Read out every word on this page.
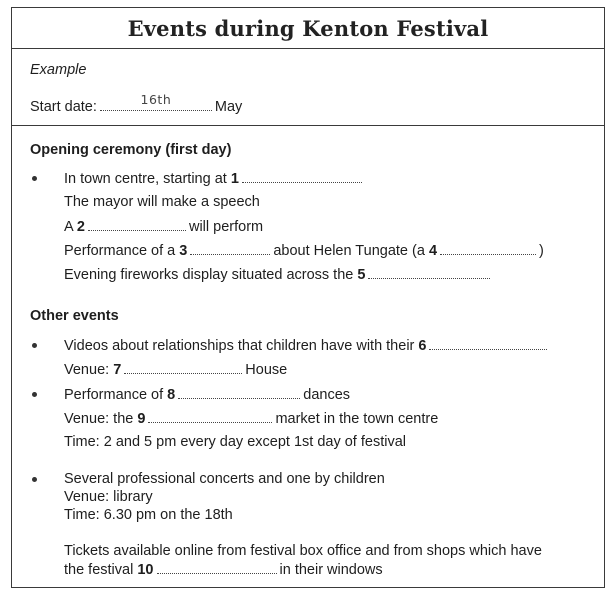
Events during Kenton Festival
Example
Start date:	16th	May
Opening ceremony (first day)
In town centre, starting at 1
The mayor will make a speech
A 2	will perform
Performance of a 3	about Helen Tungate (a 4	)
Evening fireworks display situated across the 5
Other events
Videos about relationships that children have with their 6
Venue: 7	House
Performance of 8	dances
Venue: the 9	market in the town centre
Time: 2 and 5 pm every day except 1st day of festival
Several professional concerts and one by children
Venue: library
Time: 6.30 pm on the 18th
Tickets available online from festival box office and from shops which have
the festival 10	in their windows
